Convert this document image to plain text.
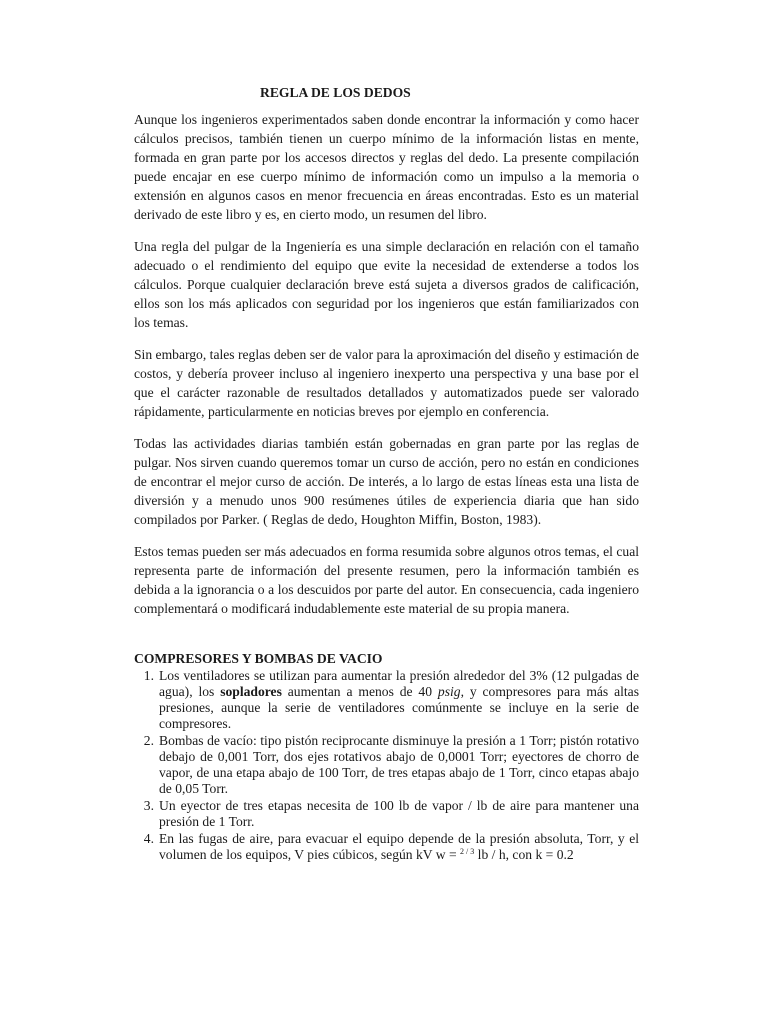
REGLA DE LOS DEDOS

Aunque los ingenieros experimentados saben donde encontrar la información y como hacer cálculos precisos, también tienen un cuerpo mínimo de la información listas en mente, formada en gran parte por los accesos directos y reglas del dedo. La presente compilación puede encajar en ese cuerpo mínimo de información como un impulso a la memoria o extensión en algunos casos en menor frecuencia en áreas encontradas. Esto es un material derivado de este libro y es, en cierto modo, un resumen del libro.

Una regla del pulgar de la Ingeniería es una simple declaración en relación con el tamaño adecuado o el rendimiento del equipo que evite la necesidad de extenderse a todos los cálculos. Porque cualquier declaración breve está sujeta a diversos grados de calificación, ellos son los más aplicados con seguridad por los ingenieros que están familiarizados con los temas.

Sin embargo, tales reglas deben ser de valor para la aproximación del diseño y estimación de costos, y debería proveer incluso al ingeniero inexperto una perspectiva y una base por el que el carácter razonable de resultados detallados y automatizados puede ser valorado rápidamente, particularmente en noticias breves por ejemplo en conferencia.

Todas las actividades diarias también están gobernadas en gran parte por las reglas de pulgar. Nos sirven cuando queremos tomar un curso de acción, pero no están en condiciones de encontrar el mejor curso de acción. De interés, a lo largo de estas líneas esta una lista de diversión y a menudo unos 900 resúmenes útiles de experiencia diaria que han sido compilados por Parker. ( Reglas de dedo, Houghton Miffin, Boston, 1983).

Estos temas pueden ser más adecuados en forma resumida sobre algunos otros temas, el cual representa parte de información del presente resumen, pero la información también es debida a la ignorancia o a los descuidos por parte del autor. En consecuencia, cada ingeniero complementará o modificará indudablemente este material de su propia manera.

COMPRESORES Y BOMBAS DE VACIO
1. Los ventiladores se utilizan para aumentar la presión alrededor del 3% (12 pulgadas de agua), los sopladores aumentan a menos de 40 psig, y compresores para más altas presiones, aunque la serie de ventiladores comúnmente se incluye en la serie de compresores.
2. Bombas de vacío: tipo pistón reciprocante disminuye la presión a 1 Torr; pistón rotativo debajo de 0,001 Torr, dos ejes rotativos abajo de 0,0001 Torr; eyectores de chorro de vapor, de una etapa abajo de 100 Torr, de tres etapas abajo de 1 Torr, cinco etapas abajo de 0,05 Torr.
3. Un eyector de tres etapas necesita de 100 lb de vapor / lb de aire para mantener una presión de 1 Torr.
4. En las fugas de aire, para evacuar el equipo depende de la presión absoluta, Torr, y el volumen de los equipos, V pies cúbicos, según kV w = $^{2 / 3}$ lb / h, con k = 0.2
